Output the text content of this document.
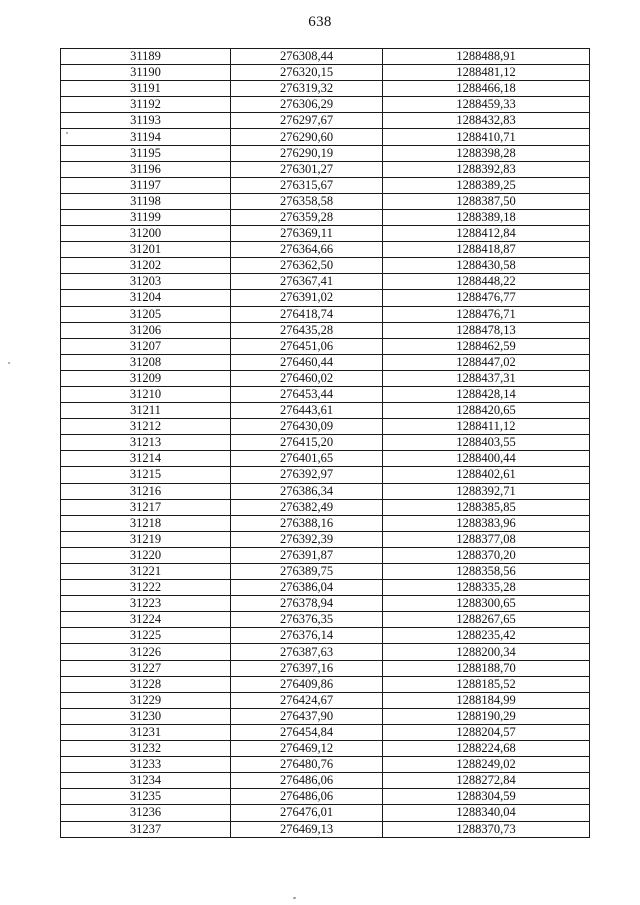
638
31189	276308,44	1288488,91
31190	276320,15	1288481,12
31191	276319,32	1288466,18
31192	276306,29	1288459,33
31193	276297,67	1288432,83
31194	276290,60	1288410,71
31195	276290,19	1288398,28
31196	276301,27	1288392,83
31197	276315,67	1288389,25
31198	276358,58	1288387,50
31199	276359,28	1288389,18
31200	276369,11	1288412,84
31201	276364,66	1288418,87
31202	276362,50	1288430,58
31203	276367,41	1288448,22
31204	276391,02	1288476,77
31205	276418,74	1288476,71
31206	276435,28	1288478,13
31207	276451,06	1288462,59
31208	276460,44	1288447,02
31209	276460,02	1288437,31
31210	276453,44	1288428,14
31211	276443,61	1288420,65
31212	276430,09	1288411,12
31213	276415,20	1288403,55
31214	276401,65	1288400,44
31215	276392,97	1288402,61
31216	276386,34	1288392,71
31217	276382,49	1288385,85
31218	276388,16	1288383,96
31219	276392,39	1288377,08
31220	276391,87	1288370,20
31221	276389,75	1288358,56
31222	276386,04	1288335,28
31223	276378,94	1288300,65
31224	276376,35	1288267,65
31225	276376,14	1288235,42
31226	276387,63	1288200,34
31227	276397,16	1288188,70
31228	276409,86	1288185,52
31229	276424,67	1288184,99
31230	276437,90	1288190,29
31231	276454,84	1288204,57
31232	276469,12	1288224,68
31233	276480,76	1288249,02
31234	276486,06	1288272,84
31235	276486,06	1288304,59
31236	276476,01	1288340,04
31237	276469,13	1288370,73
